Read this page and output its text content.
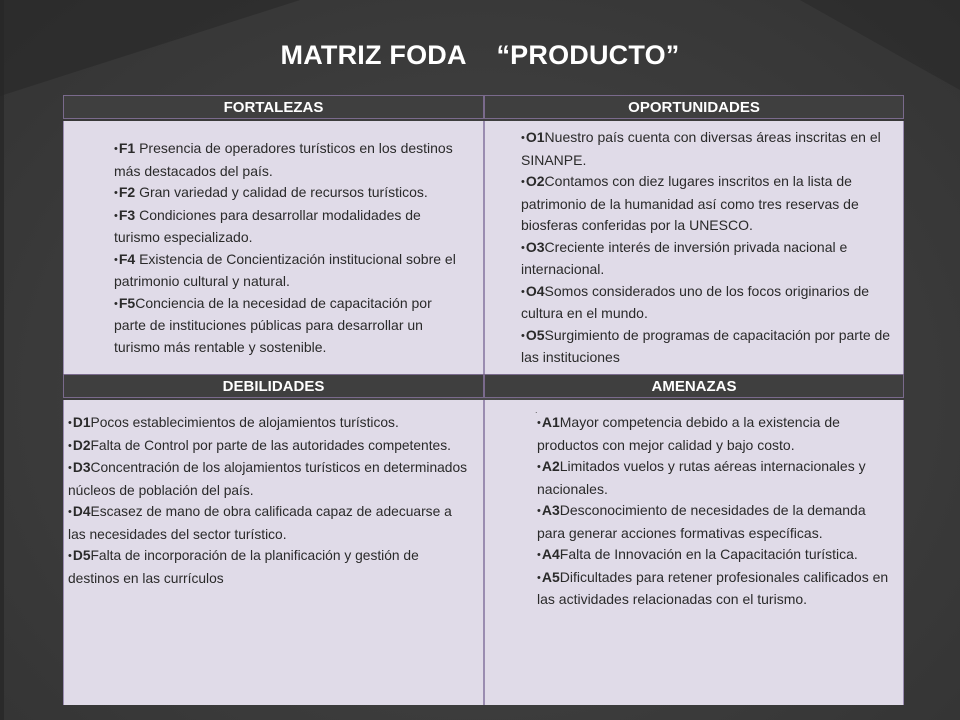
MATRIZ FODA    “PRODUCTO”
FORTALEZAS	OPORTUNIDADES
•F1 Presencia de operadores turísticos en los destinos más destacados del país.
•F2 Gran variedad y calidad de recursos turísticos.
•F3 Condiciones para desarrollar modalidades de turismo especializado.
•F4 Existencia de Concientización institucional sobre el patrimonio cultural y natural.
•F5Conciencia de la necesidad de capacitación por parte de instituciones públicas para desarrollar un turismo más rentable y sostenible.
•O1Nuestro país cuenta con diversas áreas inscritas en el SINANPE.
•O2Contamos con diez lugares inscritos en la lista de patrimonio de la humanidad así como tres reservas de biosferas conferidas por la UNESCO.
•O3Creciente interés de inversión privada nacional e internacional.
•O4Somos considerados uno de los focos originarios de cultura en el mundo.
•O5Surgimiento de programas de capacitación por parte de las instituciones
DEBILIDADES	AMENAZAS
•D1Pocos establecimientos de alojamientos turísticos.
•D2Falta de Control por parte de las autoridades competentes.
•D3Concentración de los alojamientos turísticos en determinados núcleos de población del país.
•D4Escasez de mano de obra calificada capaz de adecuarse a las necesidades del sector turístico.
•D5Falta de incorporación de la planificación y gestión de destinos en las currículos
.
•A1Mayor competencia debido a la existencia de productos con mejor calidad y bajo costo.
•A2Limitados vuelos y rutas aéreas internacionales y nacionales.
•A3Desconocimiento de necesidades de la demanda para generar acciones formativas específicas.
•A4Falta de Innovación en la Capacitación turística.
•A5Dificultades para retener profesionales calificados en las actividades relacionadas con el turismo.
